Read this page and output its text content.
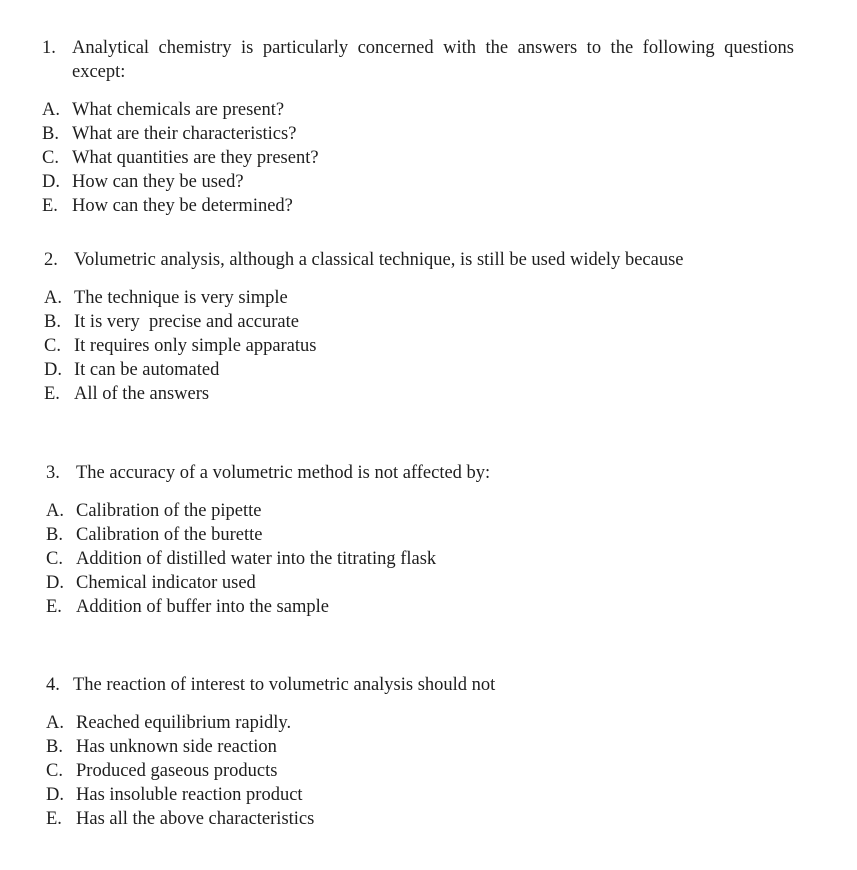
1. Analytical chemistry is particularly concerned with the answers to the following questions except:
A. What chemicals are present?
B. What are their characteristics?
C. What quantities are they present?
D. How can they be used?
E. How can they be determined?
2. Volumetric analysis, although a classical technique, is still be used widely because
A. The technique is very simple
B. It is very  precise and accurate
C. It requires only simple apparatus
D. It can be automated
E. All of the answers
3. The accuracy of a volumetric method is not affected by:
A. Calibration of the pipette
B. Calibration of the burette
C. Addition of distilled water into the titrating flask
D. Chemical indicator used
E. Addition of buffer into the sample
4. The reaction of interest to volumetric analysis should not
A. Reached equilibrium rapidly.
B. Has unknown side reaction
C. Produced gaseous products
D. Has insoluble reaction product
E. Has all the above characteristics
